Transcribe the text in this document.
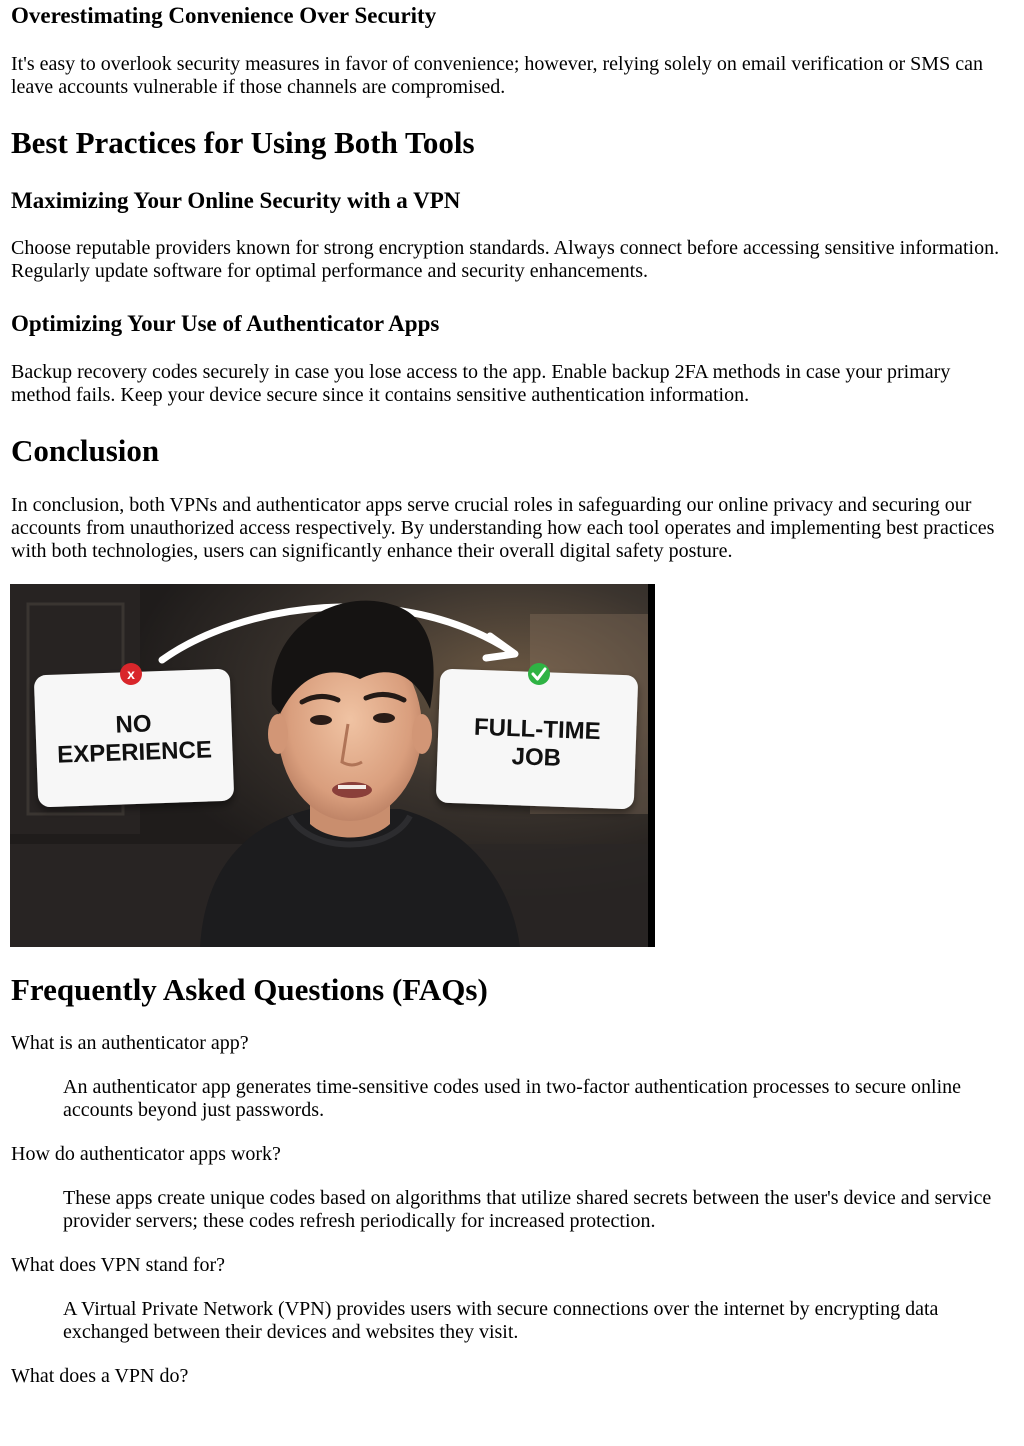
Overestimating Convenience Over Security

It's easy to overlook security measures in favor of convenience; however, relying solely on email verification or SMS can leave accounts vulnerable if those channels are compromised.

Best Practices for Using Both Tools
Maximizing Your Online Security with a VPN

Choose reputable providers known for strong encryption standards. Always connect before accessing sensitive information. Regularly update software for optimal performance and security enhancements.

Optimizing Your Use of Authenticator Apps

Backup recovery codes securely in case you lose access to the app. Enable backup 2FA methods in case your primary method fails. Keep your device secure since it contains sensitive authentication information.

Conclusion

In conclusion, both VPNs and authenticator apps serve crucial roles in safeguarding our online privacy and securing our accounts from unauthorized access respectively. By understanding how each tool operates and implementing best practices with both technologies, users can significantly enhance their overall digital safety posture.

NO
EXPERIENCE
x
FULL-TIME
JOB
Frequently Asked Questions (FAQs)
What is an authenticator app?
An authenticator app generates time-sensitive codes used in two-factor authentication processes to secure online accounts beyond just passwords.
How do authenticator apps work?
These apps create unique codes based on algorithms that utilize shared secrets between the user's device and service provider servers; these codes refresh periodically for increased protection.
What does VPN stand for?
A Virtual Private Network (VPN) provides users with secure connections over the internet by encrypting data exchanged between their devices and websites they visit.
What does a VPN do?
